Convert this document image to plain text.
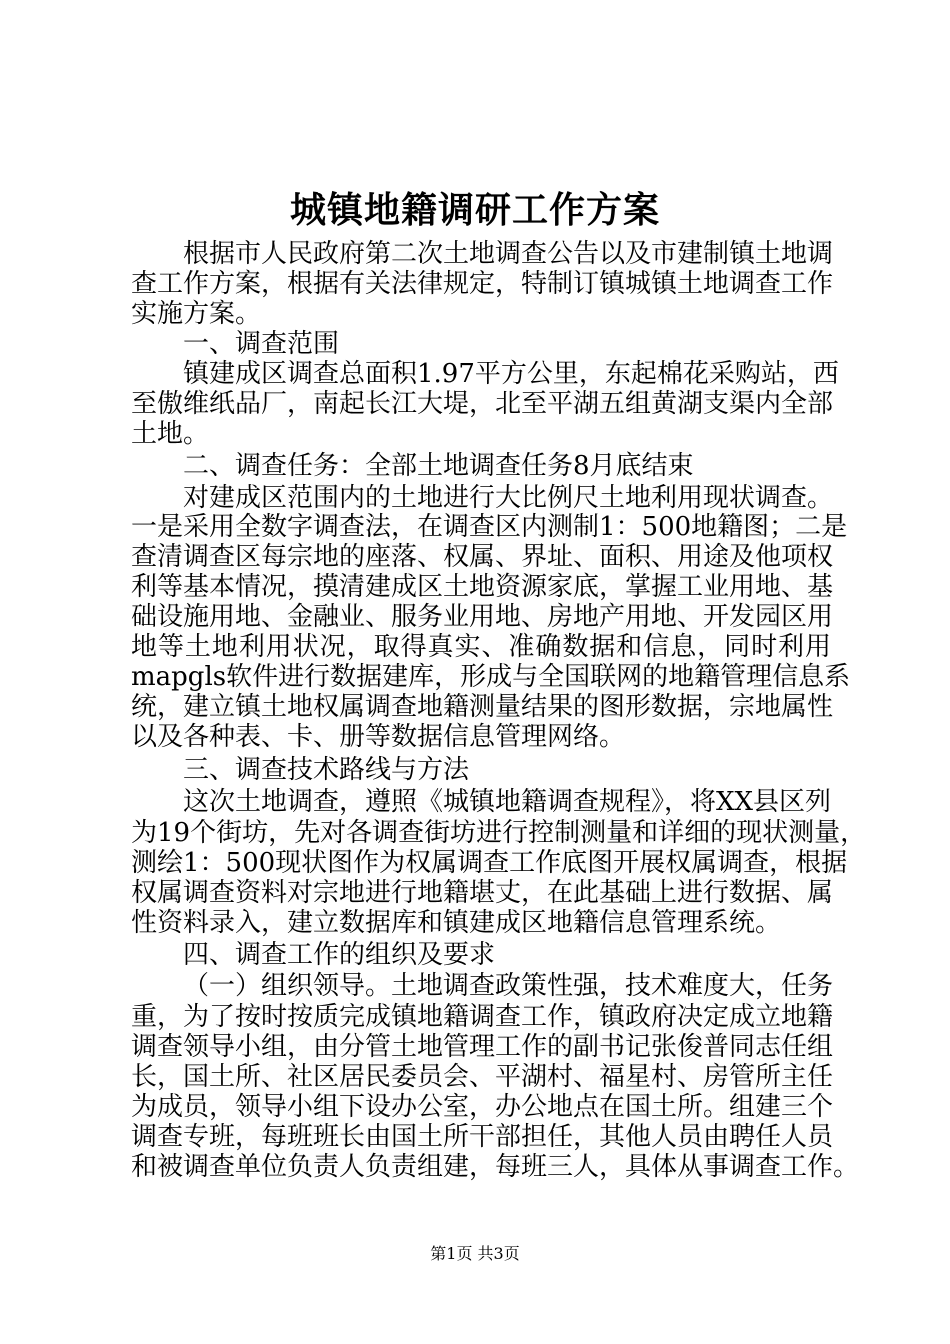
城镇地籍调研工作方案
根据市人民政府第二次土地调查公告以及市建制镇土地调
查工作方案，根据有关法律规定，特制订镇城镇土地调查工作
实施方案。
一、调查范围
镇建成区调查总面积1.97平方公里，东起棉花采购站，西
至傲维纸品厂，南起长江大堤，北至平湖五组黄湖支渠内全部
土地。
二、调查任务：全部土地调查任务8月底结束
对建成区范围内的土地进行大比例尺土地利用现状调查。
一是采用全数字调查法，在调查区内测制1：500地籍图；二是
查清调查区每宗地的座落、权属、界址、面积、用途及他项权
利等基本情况，摸清建成区土地资源家底，掌握工业用地、基
础设施用地、金融业、服务业用地、房地产用地、开发园区用
地等土地利用状况，取得真实、准确数据和信息，同时利用
mapgls软件进行数据建库，形成与全国联网的地籍管理信息系
统，建立镇土地权属调查地籍测量结果的图形数据，宗地属性
以及各种表、卡、册等数据信息管理网络。
三、调查技术路线与方法
这次土地调查，遵照《城镇地籍调查规程》，将XX县区列
为19个街坊，先对各调查街坊进行控制测量和详细的现状测量，
测绘1：500现状图作为权属调查工作底图开展权属调查，根据
权属调查资料对宗地进行地籍堪丈，在此基础上进行数据、属
性资料录入，建立数据库和镇建成区地籍信息管理系统。
四、调查工作的组织及要求
（一）组织领导。土地调查政策性强，技术难度大，任务
重，为了按时按质完成镇地籍调查工作，镇政府决定成立地籍
调查领导小组，由分管土地管理工作的副书记张俊普同志任组
长，国土所、社区居民委员会、平湖村、福星村、房管所主任
为成员，领导小组下设办公室，办公地点在国土所。组建三个
调查专班，每班班长由国土所干部担任，其他人员由聘任人员
和被调查单位负责人负责组建，每班三人，具体从事调查工作。
第1页 共3页
